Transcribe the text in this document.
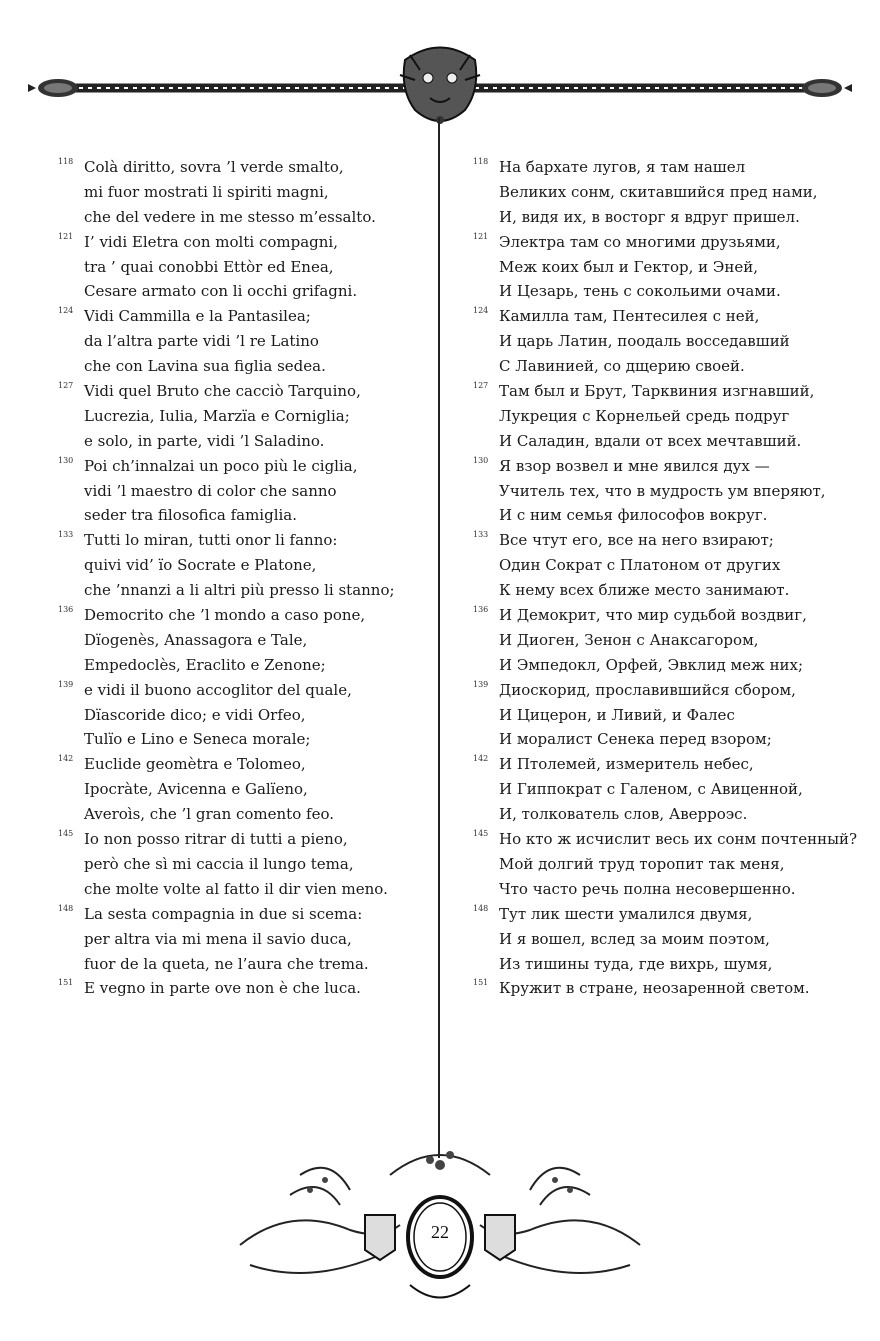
118 Colà diritto, sovra ’l verde smalto,
mi fuor mostrati li spiriti magni,
che del vedere in me stesso m’essalto.
121 I’ vidi Eletra con molti compagni,
tra ’ quai conobbi Ettòr ed Enea,
Cesare armato con li occhi grifagni.
124 Vidi Cammilla e la Pantasilea;
da l’altra parte vidi ’l re Latino
che con Lavina sua figlia sedea.
127 Vidi quel Bruto che cacciò Tarquino,
Lucrezia, Iulia, Marzïa e Corniglia;
e solo, in parte, vidi ’l Saladino.
130 Poi ch’innalzai un poco più le ciglia,
vidi ’l maestro di color che sanno
seder tra filosofica famiglia.
133 Tutti lo miran, tutti onor li fanno:
quivi vid’ ïo Socrate e Platone,
che ’nnanzi a li altri più presso li stanno;
136 Democrito che ’l mondo a caso pone,
Dïogenès, Anassagora e Tale,
Empedoclès, Eraclito e Zenone;
139 e vidi il buono accoglitor del quale,
Dïascoride dico; e vidi Orfeo,
Tulïo e Lino e Seneca morale;
142 Euclide geomètra e Tolomeo,
Ipocràte, Avicenna e Galïeno,
Averoìs, che ’l gran comento feo.
145 Io non posso ritrar di tutti a pieno,
però che sì mi caccia il lungo tema,
che molte volte al fatto il dir vien meno.
148 La sesta compagnia in due si scema:
per altra via mi mena il savio duca,
fuor de la queta, ne l’aura che trema.
151 E vegno in parte ove non è che luca.
118 На бархате лугов, я там нашел
Великих сонм, скитавшийся пред нами,
И, видя их, в восторг я вдруг пришел.
121 Электра там со многими друзьями,
Меж коих был и Гектор, и Эней,
И Цезарь, тень с сокольими очами.
124 Камилла там, Пентесилея с ней,
И царь Латин, поодаль восседавший
С Лавинией, со дщерию своей.
127 Там был и Брут, Тарквиния изгнавший,
Лукреция с Корнельей средь подруг
И Саладин, вдали от всех мечтавший.
130 Я взор возвел и мне явился дух —
Учитель тех, что в мудрость ум вперяют,
И с ним семья философов вокруг.
133 Все чтут его, все на него взирают;
Один Сократ с Платоном от других
К нему всех ближе место занимают.
136 И Демокрит, что мир судьбой воздвиг,
И Диоген, Зенон с Анаксагором,
И Эмпедокл, Орфей, Эвклид меж них;
139 Диоскорид, прославившийся сбором,
И Цицерон, и Ливий, и Фалес
И моралист Сенека перед взором;
142 И Птолемей, измеритель небес,
И Гиппократ с Галеном, с Авиценной,
И, толкователь слов, Аверроэс.
145 Но кто ж исчислит весь их сонм почтенный?
Мой долгий труд торопит так меня,
Что часто речь полна несовершенно.
148 Тут лик шести умалился двумя,
И я вошел, вслед за моим поэтом,
Из тишины туда, где вихрь, шумя,
151 Кружит в стране, неозаренной светом.
22
